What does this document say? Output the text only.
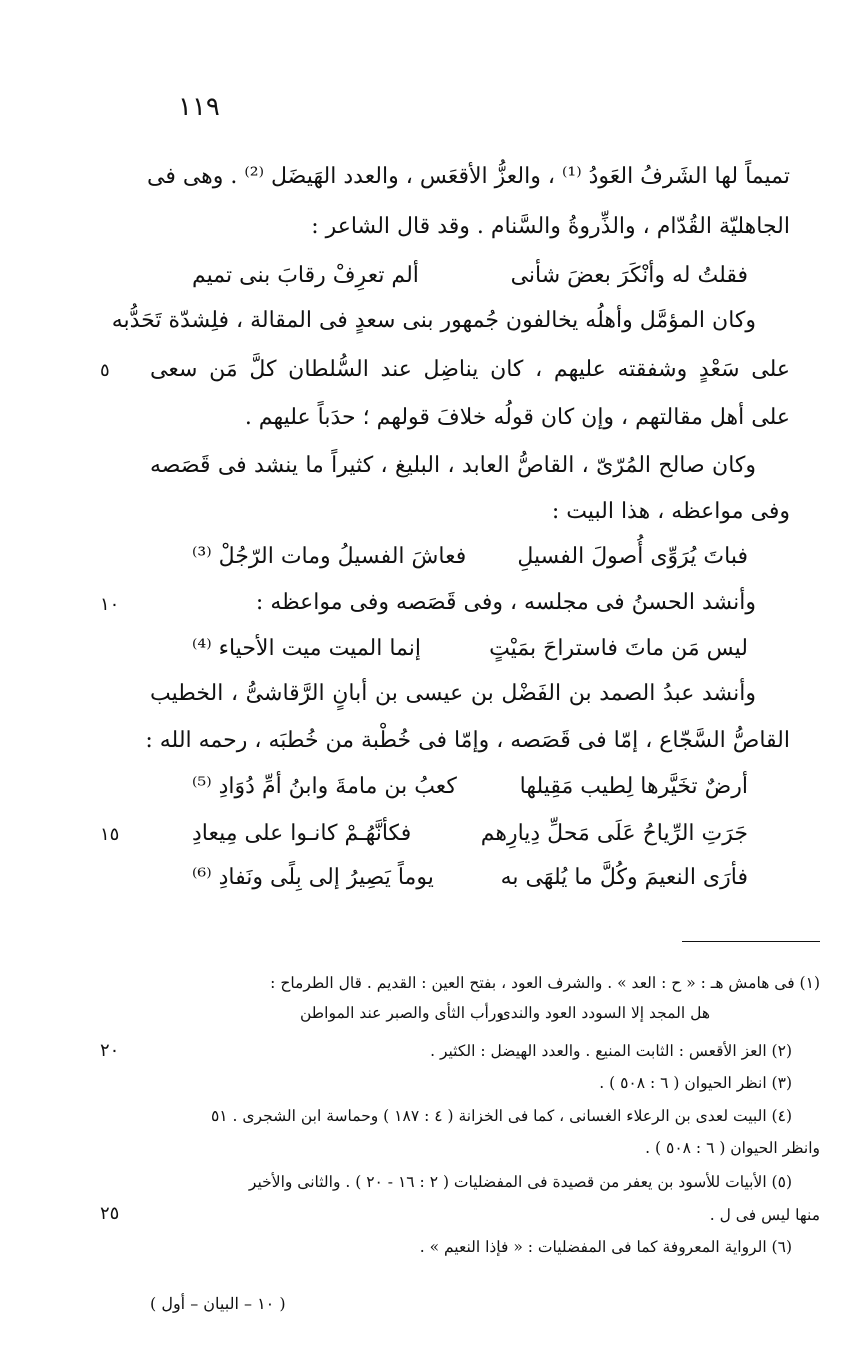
١١٩
تميماً لها الشَرفُ العَودُ ⁽¹⁾ ، والعزُّ الأقعَس ، والعدد الهَيضَل ⁽²⁾ . وهى فى
الجاهليّة القُدّام ، والذِّروةُ والسَّنام . وقد قال الشاعر :
فقلتُ له وأنْكَرَ بعضَ شأنى
ألم تعرِفْ رقابَ بنى تميم
وكان المؤمَّل وأهلُه يخالفون جُمهور بنى سعدٍ فى المقالة ، فلِشدّة تَحَدُّبه
على سَعْدٍ وشفقته عليهم ، كان يناضِل عند السُّلطان كلَّ مَن سعى
٥
على أهل مقالتهم ، وإن كان قولُه خلافَ قولهم ؛ حدَباً عليهم .
وكان صالح المُرّىّ ، القاصُّ العابد ، البليغ ، كثيراً ما ينشد فى قَصَصه
وفى مواعظه ، هذا البيت :
فباتَ يُرَوِّى أُصولَ الفسيلِ
فعاشَ الفسيلُ ومات الرّجُلْ ⁽³⁾
وأنشد الحسنُ فى مجلسه ، وفى قَصَصه وفى مواعظه :
١٠
ليس مَن ماتَ فاستراحَ بمَيْتٍ
إنما الميت ميت الأحياء ⁽⁴⁾
وأنشد عبدُ الصمد بن الفَضْل بن عيسى بن أبانٍ الرَّقاشىُّ ، الخطيب
القاصُّ السَّجّاع ، إمّا فى قَصَصه ، وإمّا فى خُطْبة من خُطبَه ، رحمه الله :
أرضٌ تخَيَّرها لِطيب مَقِيلها
كعبُ بن مامةَ وابنُ أمِّ دُوَادِ ⁽⁵⁾
جَرَتِ الرِّياحُ عَلَى مَحلِّ دِيارِهم
فكأنَّهُـمْ كانـوا على مِيعادِ
١٥
فأرَى النعيمَ وكُلَّ ما يُلهَى به
يوماً يَصِيرُ إلى بِلًى ونَفادِ ⁽⁶⁾
(١) فى هامش هـ : « ح : العد » . والشرف العود ، بفتح العين : القديم . قال الطرماح :
هل المجد إلا السودد العود والندى
ورأب الثأى والصبر عند المواطن
(٢) العز الأقعس : الثابت المنيع . والعدد الهيضل : الكثير .
٢٠
(٣) انظر الحيوان ( ٦ : ٥٠٨ ) .
(٤) البيت لعدى بن الرعلاء الغسانى ، كما فى الخزانة ( ٤ : ١٨٧ ) وحماسة ابن الشجرى . ٥١
وانظر الحيوان ( ٦ : ٥٠٨ ) .
(٥) الأبيات للأسود بن يعفر من قصيدة فى المفضليات ( ٢ : ١٦ - ٢٠ ) . والثانى والأخير
منها ليس فى ل .
٢٥
(٦) الرواية المعروفة كما فى المفضليات : « فإذا النعيم » .
( ١٠ – البيان – أول )
